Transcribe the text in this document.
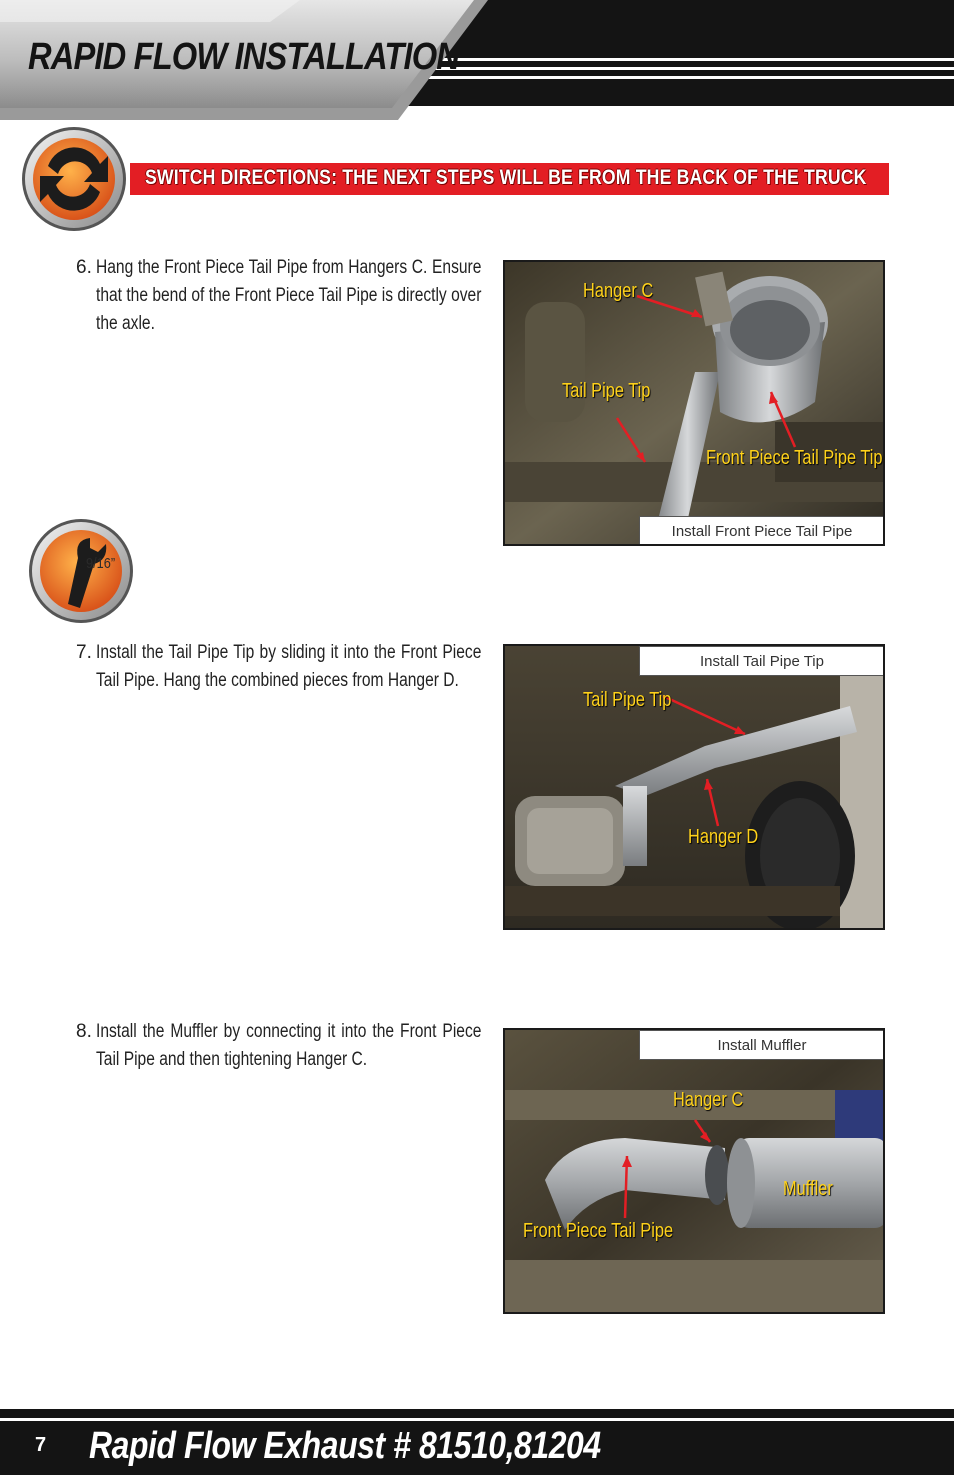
RAPID FLOW INSTALLATION
SWITCH DIRECTIONS: THE NEXT STEPS WILL BE FROM THE BACK OF THE TRUCK
6. Hang the Front Piece Tail Pipe from Hangers C. Ensure that the bend of the Front Piece Tail Pipe is directly over the axle.
Hanger C
Tail Pipe Tip
Front Piece Tail Pipe Tip
Install Front Piece Tail Pipe
9/16”
7. Install the Tail Pipe Tip by sliding it into the Front Piece Tail Pipe. Hang the combined pieces from Hanger D.
Install Tail Pipe Tip
Tail Pipe Tip
Hanger D
8. Install the Muffler by connecting it into the Front Piece Tail Pipe and then tightening Hanger C.
Install Muffler
Hanger C
Muffler
Front Piece Tail Pipe
7 Rapid Flow Exhaust # 81510,81204
